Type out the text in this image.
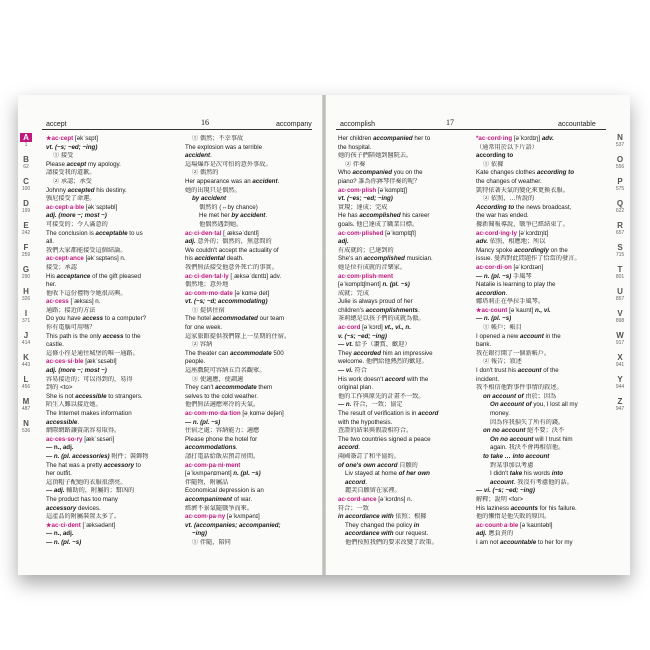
accept	16	accompany
A
1
B
62
C
100
D
199
E
242
F
259
G
290
H
326
I
371
J
414
K
443
L
456
M
487
N
536
★ac·cept [əkˈsɛpt]
vt. (~s; ~ed; ~ing)
① 接受
Please accept my apology.
請接受我的道歉。
② 承認；承受
Johnny accepted his destiny.
強尼接受了命運。
ac·cept·a·ble [əkˈsɛptəbl]
adj. (more ~; most ~)
可接受的；令人滿意的
The conclusion is acceptable to us
all.
我們大家都能接受這個結論。
ac·cept·ance [əkˈsɛptəns] n.
接受；承認
His acceptance of the gift pleased
her.
他收下這份禮物令她很高興。
ac·cess [ˈæksɛs] n.
通路；接近的方法
Do you have access to a computer?
你有電腦可用嗎？
This path is the only access to the
castle.
這條小徑是通往城堡的唯一通路。
ac·ces·si·ble [ækˈsɛsəbl]
adj. (more ~; most ~)
容易接近的；可以得到的，易得
到的 <to>
She is not accessible to strangers.
陌生人難以接近她。
The Internet makes information
accessible.
網際網路讓資訊容易取得。
ac·ces·so·ry [ækˈsɛsəri]
— n., adj.
— n. (pl. accessories) 附件；裝飾物
The hat was a pretty accessory to
her outfit.
這頂帽子配她的衣服很漂亮。
— adj. 輔助的，附屬的；幫凶的
The product has too many
accessory devices.
這產品的附屬裝置太多了。
★ac·ci·dent [ˈæksədənt]
— n., adj.
— n. (pl. ~s)
① 偶然；不幸事故
The explosion was a terrible
accident.
這場爆炸是次可怕的意外事故。
② 偶然的
Her appearance was an accident.
她的出現只是偶然。
by accident
偶然的 (↔by chance)
He met her by accident.
他偶然遇到她。
ac·ci·den·tal [ˌæksəˈdɛntl]
adj. 意外的；偶然的，無意間的
We couldn't accept the actuality of
his accidental death.
我們無法接受他意外死亡的事實。
ac·ci·den·tal·ly [ˌæksəˈdɛntlɪ] adv.
偶然地；意外地
ac·com·mo·date [əˈkɑməˌdet]
vt. (~s; ~d; accommodating)
① 提供住宿
The hotel accommodated our team
for one week.
這家旅館提供我們隊上一星期的住宿。
② 容納
The theater can accommodate 500
people.
這座戲院可容納五百名觀眾。
③ 使適應，使調適
They can't accommodate them
selves to the cold weather.
他們無法適應寒冷的天氣。
ac·com·mo·da·tion [əˌkɑməˈdeʃən]
— n. (pl. ~s)
住宿之處；容納能力；適應
Please phone the hotel for
accommodations.
請打電話給飯店預訂房間。
ac·com·pa·ni·ment
[əˈkʌmpənɪmənt] n. (pl. ~s)
伴隨物，附屬品
Economical depression is an
accompaniment of war.
經濟不景氣隨戰爭而來。
ac·com·pa·ny [əˈkʌmpənɪ]
vt. (accompanies; accompanied;
~ing)
① 伴隨，陪同
accomplish	17	accountable
Her children accompanied her to
the hospital.
她的孩子們陪她到醫院去。
② 伴奏
Who accompanied you on the
piano? 誰為你鉢琴伴奏的呢？
ac·com·plish [əˈkɑmplɪʃ]
vt. (~es; ~ed; ~ing)
實現；達成；完成
He has accomplished his career
goals. 他已達成了職業目標。
ac·com·plished [əˈkɑmplɪʃt]
adj.
有成就的；已達到的
She's an accomplished musician.
她是位有成就的音樂家。
ac·com·plish·ment
[əˈkɑmplɪʃmənt] n. (pl. ~s)
成就；完成
Julie is always proud of her
children's accomplishments.
茶莉總是以孩子們的成就為傲。
ac·cord [əˈkɔrd] vt., vi., n.
v. (~s; ~ed; ~ing)
— vt. 給予（讚賞、歡迎）
They accorded him an impressive
welcome. 他們給他熱烈的歡迎。
— vi. 符合
His work doesn't accord with the
original plan.
他的工作與原先的計畫不一致。
— n. 符合，一致；協定
The result of verification is in accord
with the hypothesis.
查證的結果與假設相符合。
The two countries signed a peace
accord.
兩國簽訂了和平協約。
of one's own accord 自願的
Liv stayed at home of her own
accord.
麗芙自願留在家裡。
ac·cord·ance [əˈkɔrdns] n.
符合；一致
in accordance with 依照；根據
They changed the policy in
accordance with our request.
他們按照我們的要求改變了政策。
*ac·cord·ing [əˈkɔrdɪŋ] adv.
（通常用於以下片語）
according to
① 依據
Kate changes clothes according to
the changes of weather.
凱特依著天氣的變化來更換衣服。
② 依照，…所說的
According to the news broadcast,
the war has ended.
據新聞報導說，戰爭已經結束了。
ac·cord·ing·ly [əˈkɔrdɪŋlɪ]
adv. 依照，相應地；所以
Mancy spoke accordingly on the
issue. 曼西對此問題作了恰當的發言。
ac·cor·di·on [əˈkɔrdɪən]
— n. (pl. ~s) 手風琴
Natalie is learning to play the
accordion.
娜塔莉正在學拉手風琴。
★ac·count [əˈkaʊnt] n., vi.
— n. (pl. ~s)
① 帳戶；帳目
I opened a new account in the
bank.
我在銀行開了一個新帳戶。
② 報告；敘述
I don't trust his account of the
incident.
我不相信他對事件事情的敘述。
on account of 由於；因為
On account of you, I lost all my
money.
因為你我損失了所有的錢。
on no account 絕不要；決不
On no account will I trust him
again. 我決不會再相信他。
to take … into account
對某事加以考慮
I didn't take his words into
account. 我沒有考慮他的話。
— vi. (~s; ~ed; ~ing)
解釋；說明 <for>
His laziness accounts for his failure.
他的懶惰是他失敗的原因。
ac·count·a·ble [əˈkaʊntəbl]
adj. 應負責的
I am not accountable to her for my
N
537
O
556
P
575
Q
622
R
657
S
715
T
801
U
857
V
898
W
917
X
941
Y
944
Z
947
